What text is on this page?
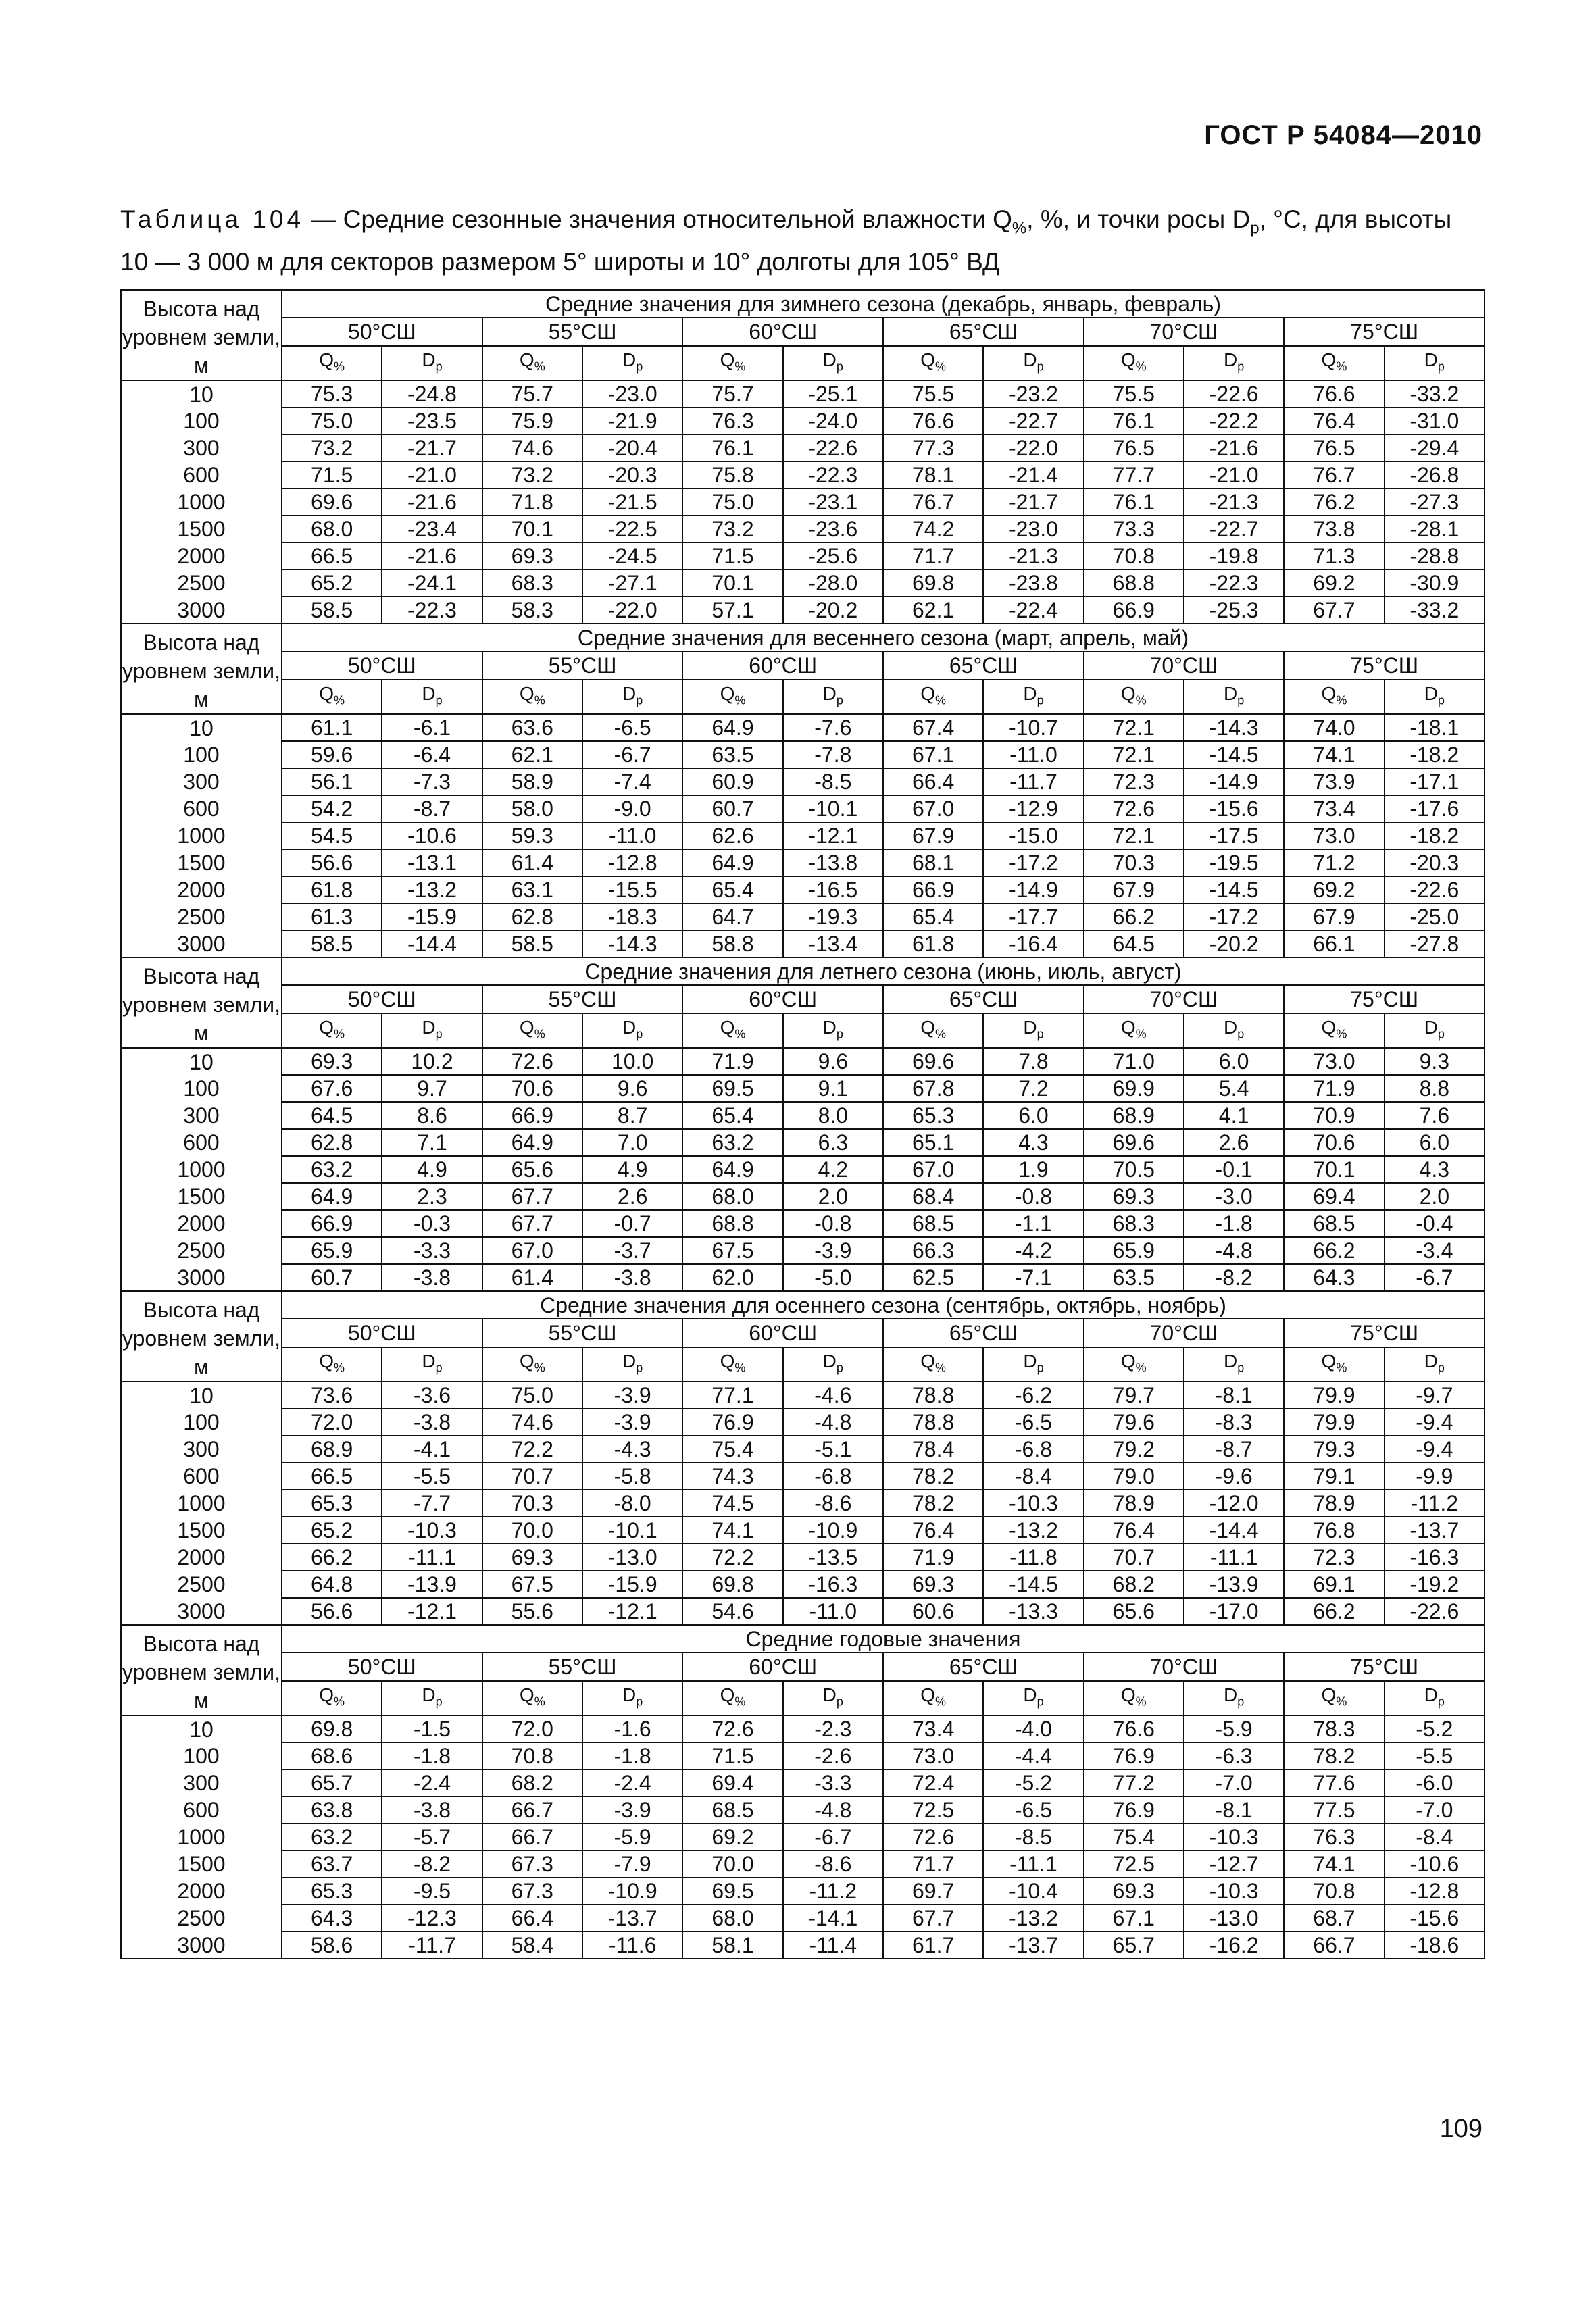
ГОСТ Р 54084—2010
Таблица 104 — Средние сезонные значения относительной влажности $Q_{\%}$, %, и точки росы $D_р$, °С, для высоты 10 — 3 000 м для секторов размером 5° широты и 10° долготы для 105° ВД
Высота над уровнем земли, м	Средние значения для зимнего сезона (декабрь, январь, февраль)											
	50°СШ		55°СШ		60°СШ		65°СШ		70°СШ		75°СШ	
	$Q_{\%}$	$D_р$	$Q_{\%}$	$D_р$	$Q_{\%}$	$D_р$	$Q_{\%}$	$D_р$	$Q_{\%}$	$D_р$	$Q_{\%}$	$D_р$
10	75.3	-24.8	75.7	-23.0	75.7	-25.1	75.5	-23.2	75.5	-22.6	76.6	-33.2
100	75.0	-23.5	75.9	-21.9	76.3	-24.0	76.6	-22.7	76.1	-22.2	76.4	-31.0
300	73.2	-21.7	74.6	-20.4	76.1	-22.6	77.3	-22.0	76.5	-21.6	76.5	-29.4
600	71.5	-21.0	73.2	-20.3	75.8	-22.3	78.1	-21.4	77.7	-21.0	76.7	-26.8
1000	69.6	-21.6	71.8	-21.5	75.0	-23.1	76.7	-21.7	76.1	-21.3	76.2	-27.3
1500	68.0	-23.4	70.1	-22.5	73.2	-23.6	74.2	-23.0	73.3	-22.7	73.8	-28.1
2000	66.5	-21.6	69.3	-24.5	71.5	-25.6	71.7	-21.3	70.8	-19.8	71.3	-28.8
2500	65.2	-24.1	68.3	-27.1	70.1	-28.0	69.8	-23.8	68.8	-22.3	69.2	-30.9
3000	58.5	-22.3	58.3	-22.0	57.1	-20.2	62.1	-22.4	66.9	-25.3	67.7	-33.2
Высота над уровнем земли, м	Средние значения для весеннего сезона (март, апрель, май)											
	50°СШ		55°СШ		60°СШ		65°СШ		70°СШ		75°СШ	
	$Q_{\%}$	$D_р$	$Q_{\%}$	$D_р$	$Q_{\%}$	$D_р$	$Q_{\%}$	$D_р$	$Q_{\%}$	$D_р$	$Q_{\%}$	$D_р$
10	61.1	-6.1	63.6	-6.5	64.9	-7.6	67.4	-10.7	72.1	-14.3	74.0	-18.1
100	59.6	-6.4	62.1	-6.7	63.5	-7.8	67.1	-11.0	72.1	-14.5	74.1	-18.2
300	56.1	-7.3	58.9	-7.4	60.9	-8.5	66.4	-11.7	72.3	-14.9	73.9	-17.1
600	54.2	-8.7	58.0	-9.0	60.7	-10.1	67.0	-12.9	72.6	-15.6	73.4	-17.6
1000	54.5	-10.6	59.3	-11.0	62.6	-12.1	67.9	-15.0	72.1	-17.5	73.0	-18.2
1500	56.6	-13.1	61.4	-12.8	64.9	-13.8	68.1	-17.2	70.3	-19.5	71.2	-20.3
2000	61.8	-13.2	63.1	-15.5	65.4	-16.5	66.9	-14.9	67.9	-14.5	69.2	-22.6
2500	61.3	-15.9	62.8	-18.3	64.7	-19.3	65.4	-17.7	66.2	-17.2	67.9	-25.0
3000	58.5	-14.4	58.5	-14.3	58.8	-13.4	61.8	-16.4	64.5	-20.2	66.1	-27.8
Высота над уровнем земли, м	Средние значения для летнего сезона (июнь, июль, август)											
	50°СШ		55°СШ		60°СШ		65°СШ		70°СШ		75°СШ	
	$Q_{\%}$	$D_р$	$Q_{\%}$	$D_р$	$Q_{\%}$	$D_р$	$Q_{\%}$	$D_р$	$Q_{\%}$	$D_р$	$Q_{\%}$	$D_р$
10	69.3	10.2	72.6	10.0	71.9	9.6	69.6	7.8	71.0	6.0	73.0	9.3
100	67.6	9.7	70.6	9.6	69.5	9.1	67.8	7.2	69.9	5.4	71.9	8.8
300	64.5	8.6	66.9	8.7	65.4	8.0	65.3	6.0	68.9	4.1	70.9	7.6
600	62.8	7.1	64.9	7.0	63.2	6.3	65.1	4.3	69.6	2.6	70.6	6.0
1000	63.2	4.9	65.6	4.9	64.9	4.2	67.0	1.9	70.5	-0.1	70.1	4.3
1500	64.9	2.3	67.7	2.6	68.0	2.0	68.4	-0.8	69.3	-3.0	69.4	2.0
2000	66.9	-0.3	67.7	-0.7	68.8	-0.8	68.5	-1.1	68.3	-1.8	68.5	-0.4
2500	65.9	-3.3	67.0	-3.7	67.5	-3.9	66.3	-4.2	65.9	-4.8	66.2	-3.4
3000	60.7	-3.8	61.4	-3.8	62.0	-5.0	62.5	-7.1	63.5	-8.2	64.3	-6.7
Высота над уровнем земли, м	Средние значения для осеннего сезона (сентябрь, октябрь, ноябрь)											
	50°СШ		55°СШ		60°СШ		65°СШ		70°СШ		75°СШ	
	$Q_{\%}$	$D_р$	$Q_{\%}$	$D_р$	$Q_{\%}$	$D_р$	$Q_{\%}$	$D_р$	$Q_{\%}$	$D_р$	$Q_{\%}$	$D_р$
10	73.6	-3.6	75.0	-3.9	77.1	-4.6	78.8	-6.2	79.7	-8.1	79.9	-9.7
100	72.0	-3.8	74.6	-3.9	76.9	-4.8	78.8	-6.5	79.6	-8.3	79.9	-9.4
300	68.9	-4.1	72.2	-4.3	75.4	-5.1	78.4	-6.8	79.2	-8.7	79.3	-9.4
600	66.5	-5.5	70.7	-5.8	74.3	-6.8	78.2	-8.4	79.0	-9.6	79.1	-9.9
1000	65.3	-7.7	70.3	-8.0	74.5	-8.6	78.2	-10.3	78.9	-12.0	78.9	-11.2
1500	65.2	-10.3	70.0	-10.1	74.1	-10.9	76.4	-13.2	76.4	-14.4	76.8	-13.7
2000	66.2	-11.1	69.3	-13.0	72.2	-13.5	71.9	-11.8	70.7	-11.1	72.3	-16.3
2500	64.8	-13.9	67.5	-15.9	69.8	-16.3	69.3	-14.5	68.2	-13.9	69.1	-19.2
3000	56.6	-12.1	55.6	-12.1	54.6	-11.0	60.6	-13.3	65.6	-17.0	66.2	-22.6
Высота над уровнем земли, м	Средние годовые значения											
	50°СШ		55°СШ		60°СШ		65°СШ		70°СШ		75°СШ	
	$Q_{\%}$	$D_р$	$Q_{\%}$	$D_р$	$Q_{\%}$	$D_р$	$Q_{\%}$	$D_р$	$Q_{\%}$	$D_р$	$Q_{\%}$	$D_р$
10	69.8	-1.5	72.0	-1.6	72.6	-2.3	73.4	-4.0	76.6	-5.9	78.3	-5.2
100	68.6	-1.8	70.8	-1.8	71.5	-2.6	73.0	-4.4	76.9	-6.3	78.2	-5.5
300	65.7	-2.4	68.2	-2.4	69.4	-3.3	72.4	-5.2	77.2	-7.0	77.6	-6.0
600	63.8	-3.8	66.7	-3.9	68.5	-4.8	72.5	-6.5	76.9	-8.1	77.5	-7.0
1000	63.2	-5.7	66.7	-5.9	69.2	-6.7	72.6	-8.5	75.4	-10.3	76.3	-8.4
1500	63.7	-8.2	67.3	-7.9	70.0	-8.6	71.7	-11.1	72.5	-12.7	74.1	-10.6
2000	65.3	-9.5	67.3	-10.9	69.5	-11.2	69.7	-10.4	69.3	-10.3	70.8	-12.8
2500	64.3	-12.3	66.4	-13.7	68.0	-14.1	67.7	-13.2	67.1	-13.0	68.7	-15.6
3000	58.6	-11.7	58.4	-11.6	58.1	-11.4	61.7	-13.7	65.7	-16.2	66.7	-18.6
109
